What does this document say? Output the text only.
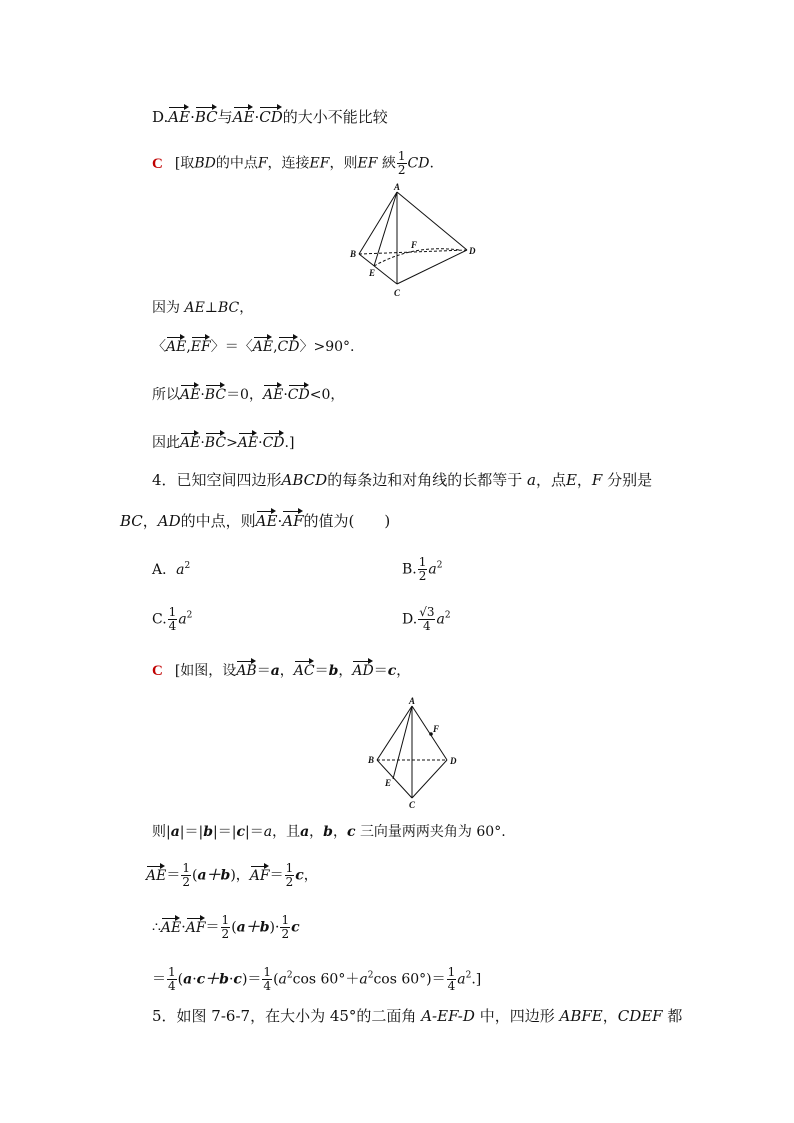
D.AE·BC与AE·CD的大小不能比较
C [取BD的中点F，连接EF，则EF 綊 $\frac{1}{2}$ CD.
A
B
C
D
E
F
因为 AE⊥BC，
〈AE,EF〉＝〈AE,CD〉>90°.
所以AE·BC＝0，AE·CD<0，
因此AE·BC>AE·CD.]
4．已知空间四边形ABCD的每条边和对角线的长都等于 a，点E，F 分别是
BC，AD的中点，则AE·AF的值为(　　)
A．$a^2$	B. $\frac{1}{2} a^2$
C. $\frac{1}{4} a^2$	D. $\frac{√3}{4} a^2$
C [如图，设AB＝a，AC＝b，AD＝c，
A
B
C
D
E
F
则|a|＝|b|＝|c|＝a，且a，b，c 三向量两两夹角为 60°.
$AE= \frac{1}{2} (a+b)$，$AF= \frac{1}{2}$ c，
∴AE·AF＝ $\frac{1}{2} (a+b)\cdot \frac{1}{2}$ c
＝ $\frac{1}{4} (a\cdot c+b\cdot c)= \frac{1}{4} (a^2\cos$ $60^\circ+a^2\cos$ $60^\circ)= \frac{1}{4} a^2$.]
5．如图 7-6-7，在大小为 45°的二面角 A-EF-D 中，四边形 ABFE，CDEF 都
